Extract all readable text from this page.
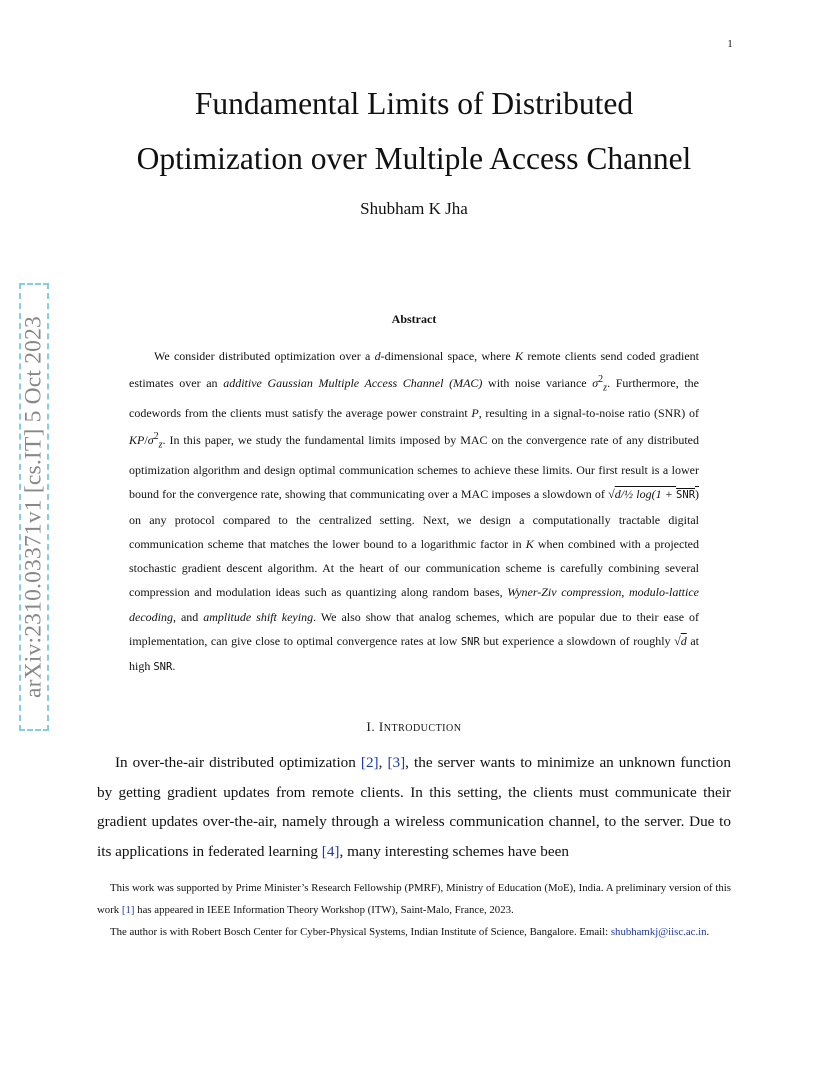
1
Fundamental Limits of Distributed
Optimization over Multiple Access Channel
Shubham K Jha
arXiv:2310.03371v1 [cs.IT] 5 Oct 2023	Abstract

We consider distributed optimization over a d-dimensional space, where K remote clients send coded gradient estimates over an additive Gaussian Multiple Access Channel (MAC) with noise variance $\sigma^2_z$. Furthermore, the codewords from the clients must satisfy the average power constraint P, resulting in a signal-to-noise ratio (SNR) of $KP/\sigma^2_z$. In this paper, we study the fundamental limits imposed by MAC on the convergence rate of any distributed optimization algorithm and design optimal communication schemes to achieve these limits. Our first result is a lower bound for the convergence rate, showing that communicating over a MAC imposes a slowdown of √d/½ log(1 + SNR) on any protocol compared to the centralized setting. Next, we design a computationally tractable digital communication scheme that matches the lower bound to a logarithmic factor in K when combined with a projected stochastic gradient descent algorithm. At the heart of our communication scheme is carefully combining several compression and modulation ideas such as quantizing along random bases, Wyner-Ziv compression, modulo-lattice decoding, and amplitude shift keying. We also show that analog schemes, which are popular due to their ease of implementation, can give close to optimal convergence rates at low SNR but experience a slowdown of roughly √d at high SNR.

I. INTRODUCTION

In over-the-air distributed optimization [2], [3], the server wants to minimize an unknown function by getting gradient updates from remote clients. In this setting, the clients must communicate their gradient updates over-the-air, namely through a wireless communication channel, to the server. Due to its applications in federated learning [4], many interesting schemes have been

This work was supported by Prime Minister’s Research Fellowship (PMRF), Ministry of Education (MoE), India. A preliminary version of this work [1] has appeared in IEEE Information Theory Workshop (ITW), Saint-Malo, France, 2023.

The author is with Robert Bosch Center for Cyber-Physical Systems, Indian Institute of Science, Bangalore. Email: shubhamkj@iisc.ac.in.
